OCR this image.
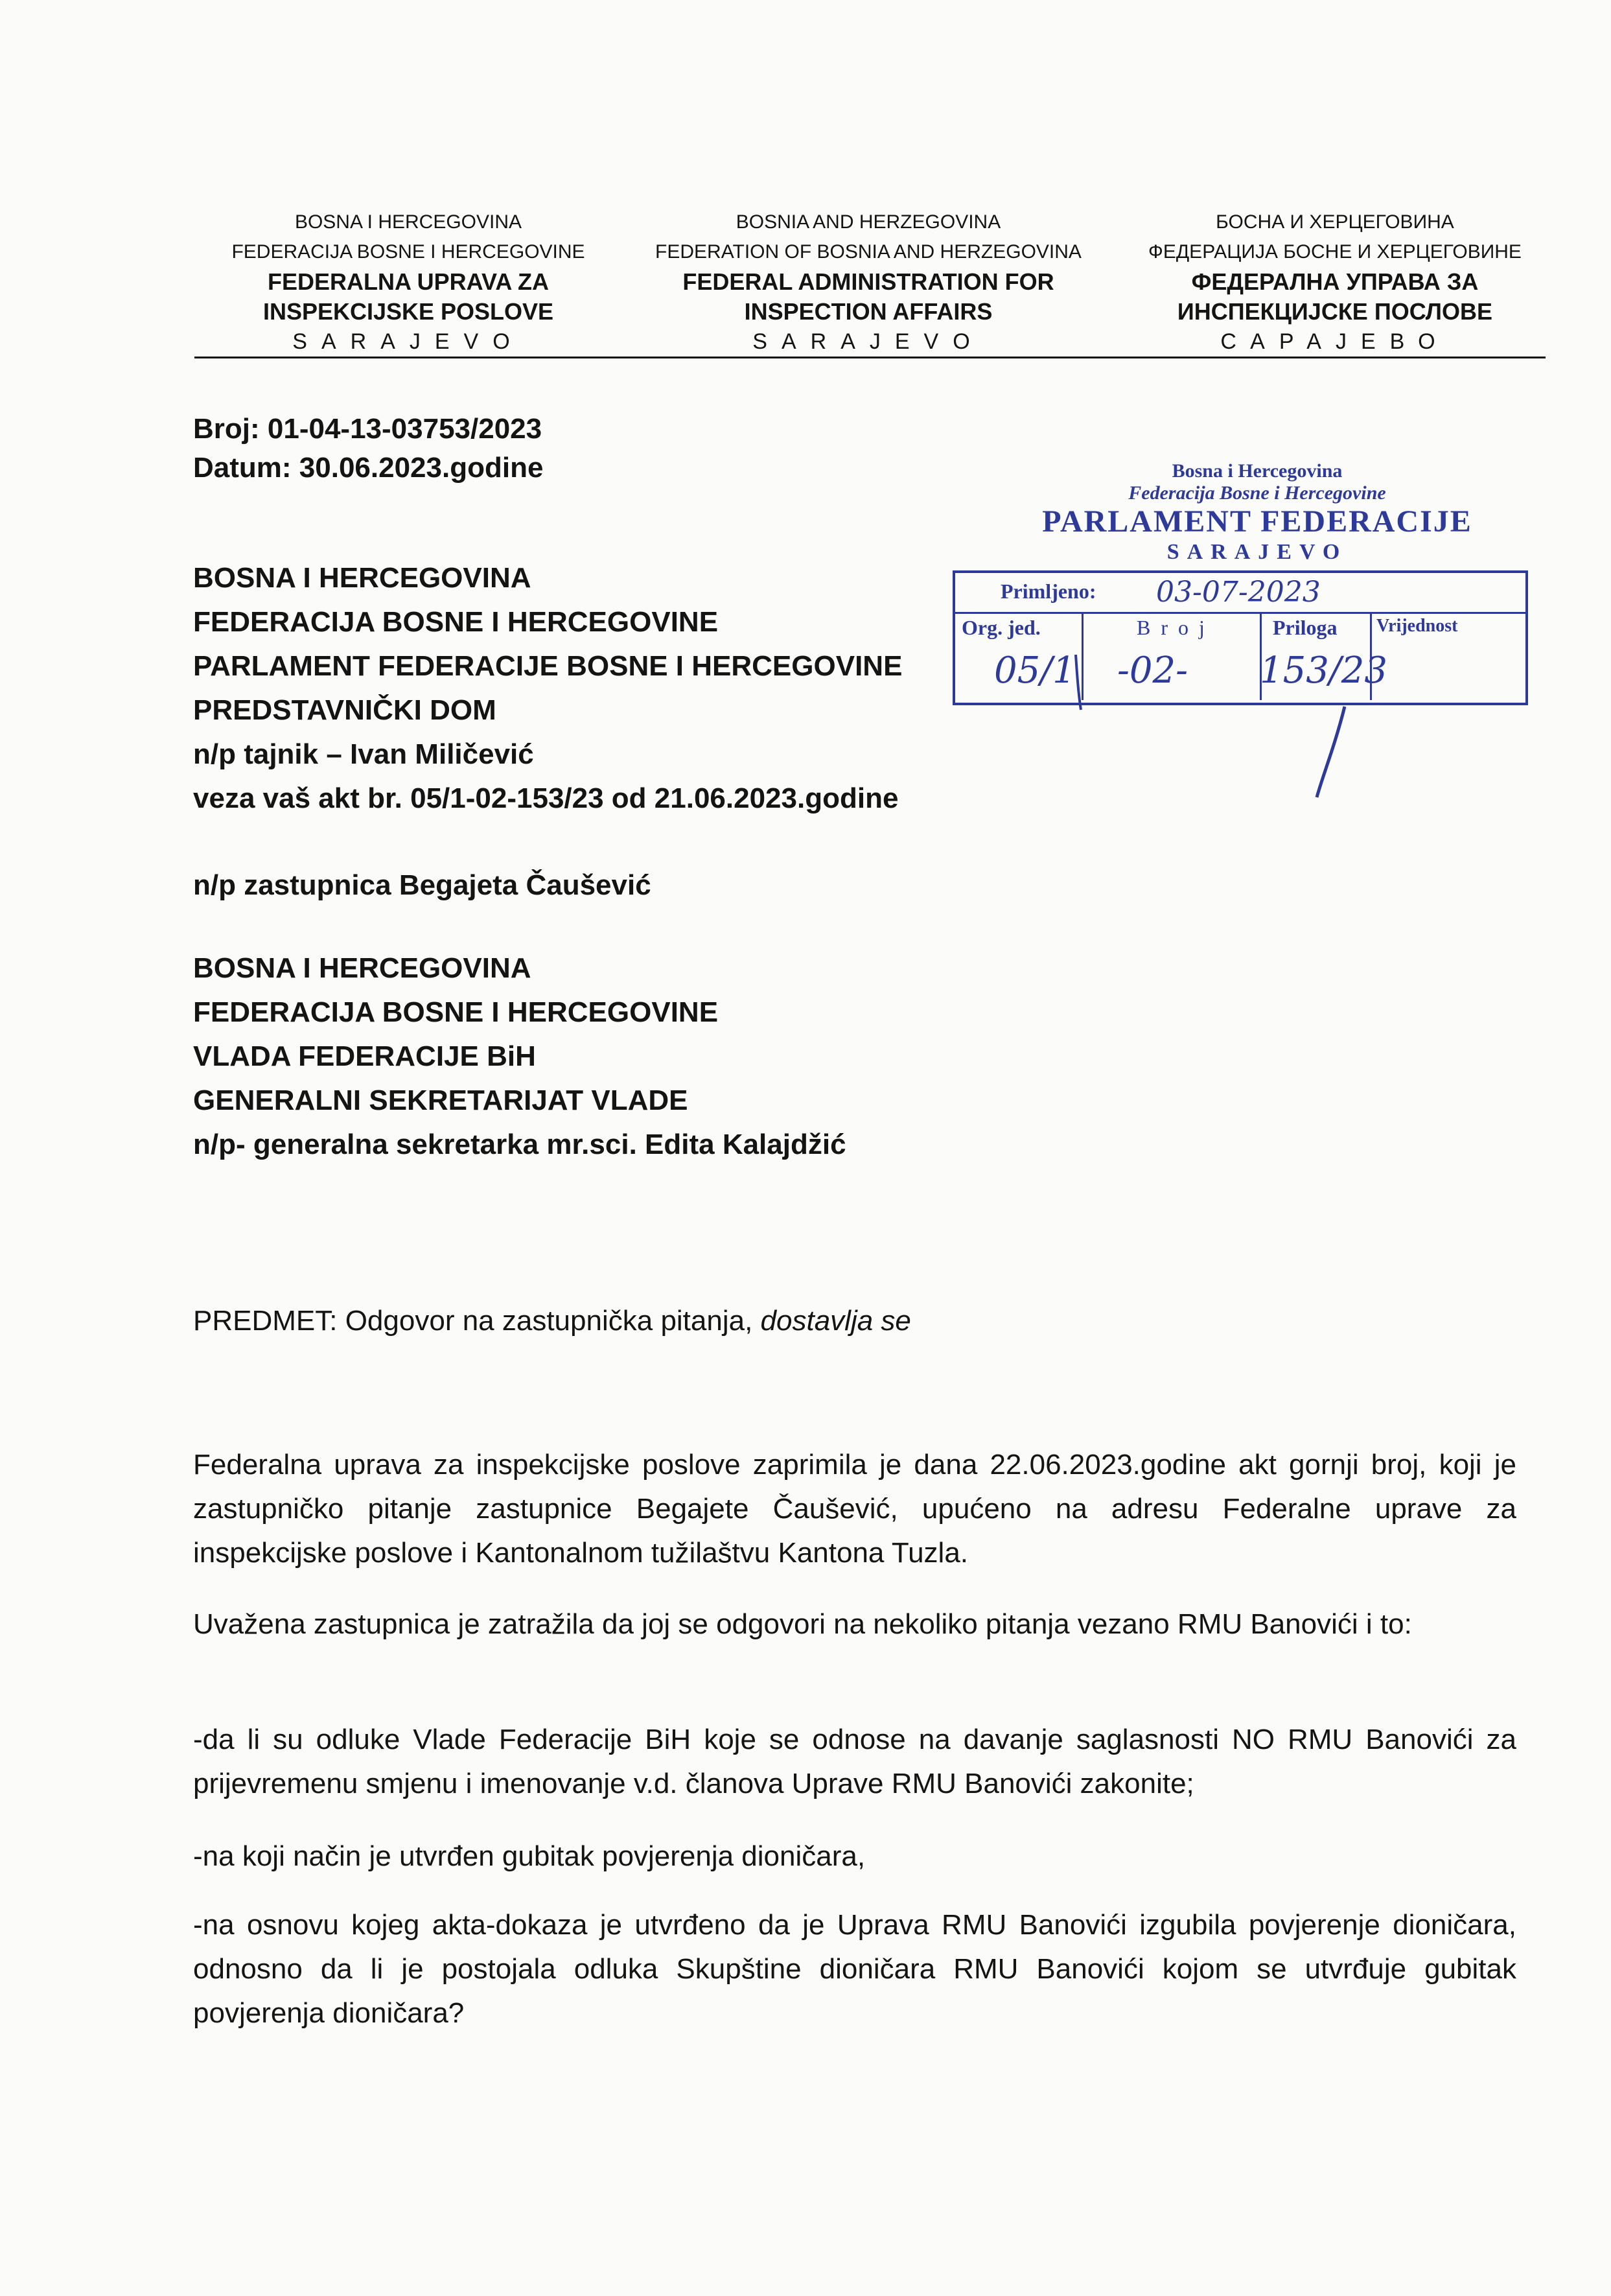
BOSNA I HERCEGOVINA
FEDERACIJA BOSNE I HERCEGOVINE
FEDERALNA UPRAVA ZA
INSPEKCIJSKE POSLOVE
SARAJEVO
BOSNIA AND HERZEGOVINA
FEDERATION OF BOSNIA AND HERZEGOVINA
FEDERAL ADMINISTRATION FOR
INSPECTION AFFAIRS
SARAJEVO
БОСНА И ХЕРЦЕГОВИНА
ФЕДЕРАЦИЈА БОСНЕ И ХЕРЦЕГОВИНЕ
ФЕДЕРАЛНА УПРАВА ЗА
ИНСПЕКЦИЈСКЕ ПОСЛОВЕ
САРАЈЕВО
Broj: 01-04-13-03753/2023
Datum: 30.06.2023.godine
BOSNA I HERCEGOVINA
FEDERACIJA BOSNE I HERCEGOVINE
PARLAMENT FEDERACIJE BOSNE I HERCEGOVINE
PREDSTAVNIČKI DOM
n/p tajnik – Ivan Miličević
veza vaš akt br. 05/1-02-153/23 od 21.06.2023.godine
n/p zastupnica Begajeta Čaušević
BOSNA I HERCEGOVINA
FEDERACIJA BOSNE I HERCEGOVINE
VLADA FEDERACIJE BiH
GENERALNI SEKRETARIJAT VLADE
n/p- generalna sekretarka mr.sci. Edita Kalajdžić
PREDMET: Odgovor na zastupnička pitanja, dostavlja se
Federalna uprava za inspekcijske poslove zaprimila je dana 22.06.2023.godine akt gornji broj, koji je zastupničko pitanje zastupnice Begajete Čaušević, upućeno na adresu Federalne uprave za inspekcijske poslove i Kantonalnom tužilaštvu Kantona Tuzla.
Uvažena zastupnica je zatražila da joj se odgovori na nekoliko pitanja vezano RMU Banovići i to:
-da li su odluke Vlade Federacije BiH koje se odnose na davanje saglasnosti NO RMU Banovići za prijevremenu smjenu i imenovanje v.d. članova Uprave RMU Banovići zakonite;
-na koji način je utvrđen gubitak povjerenja dioničara,
-na osnovu kojeg akta-dokaza je utvrđeno da je Uprava RMU Banovići izgubila povjerenje dioničara, odnosno da li je postojala odluka Skupštine dioničara RMU Banovići kojom se utvrđuje gubitak povjerenja dioničara?
Bosna i Hercegovina
Federacija Bosne i Hercegovine
PARLAMENT FEDERACIJE
SARAJEVO
Primljeno: 03-07-2023
Org. jed.	B r o j	Priloga Vrijednost
05/1 -02- 153/23
